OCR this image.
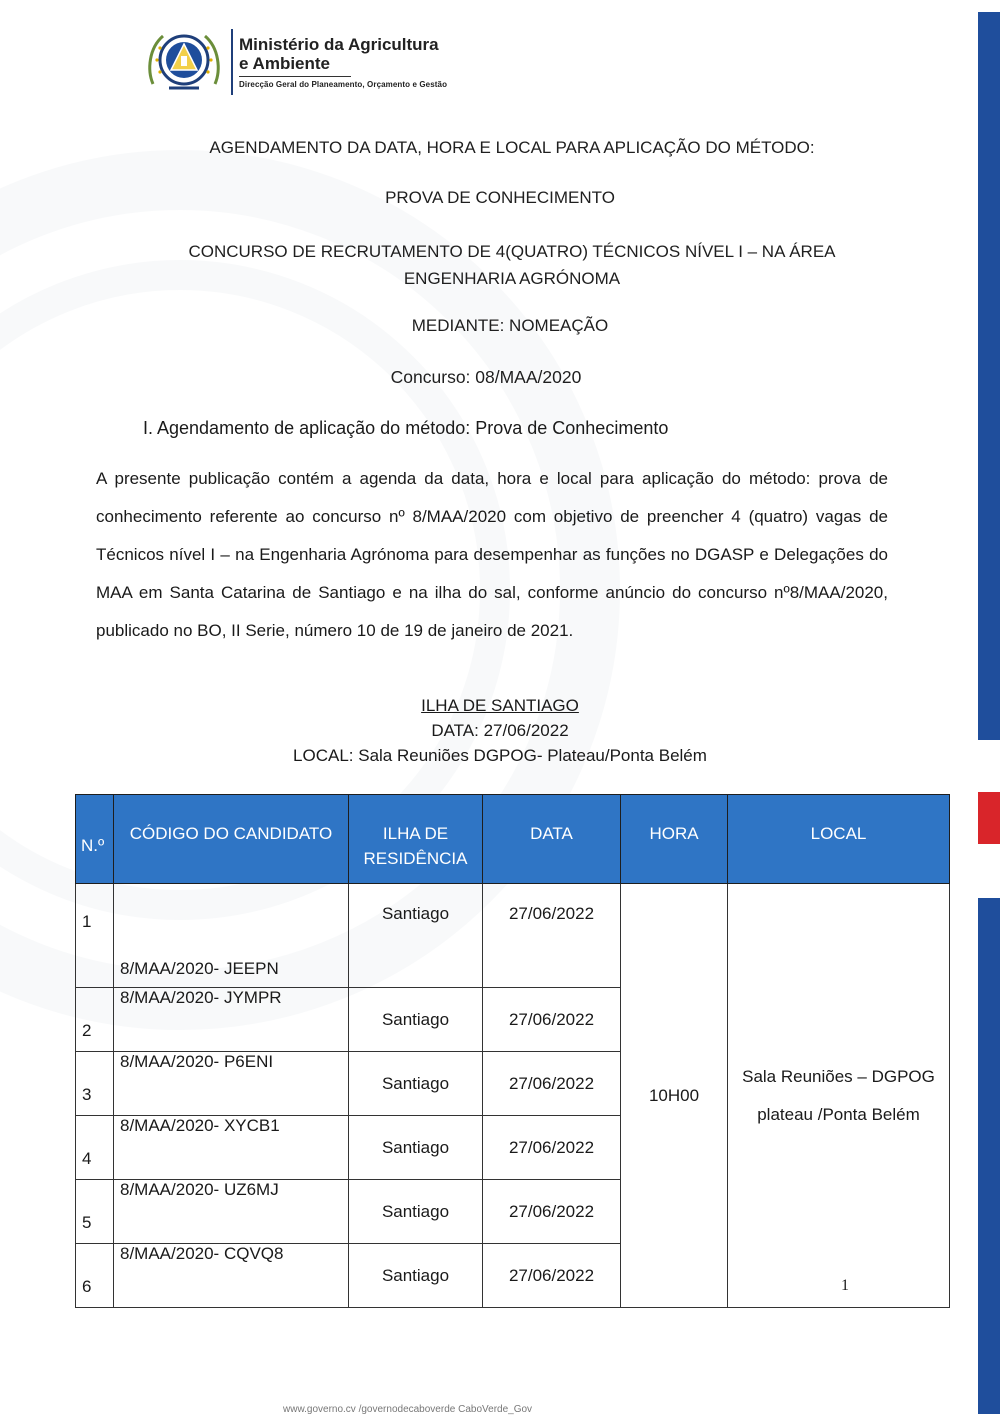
Ministério da Agricultura
e Ambiente
Direcção Geral do Planeamento, Orçamento e Gestão

AGENDAMENTO DA DATA, HORA E LOCAL PARA APLICAÇÃO DO MÉTODO:

PROVA DE CONHECIMENTO

CONCURSO DE RECRUTAMENTO DE 4(QUATRO) TÉCNICOS NÍVEL I – NA ÁREA
ENGENHARIA AGRÓNOMA

MEDIANTE: NOMEAÇÃO

Concurso: 08/MAA/2020

I. Agendamento de aplicação do método: Prova de Conhecimento

A presente publicação contém a agenda da data, hora e local para aplicação do método: prova de conhecimento referente ao concurso nº 8/MAA/2020 com objetivo de preencher 4 (quatro) vagas de Técnicos nível I – na Engenharia Agrónoma para desempenhar as funções no DGASP e Delegações do MAA em Santa Catarina de Santiago e na ilha do sal, conforme anúncio do concurso nº8/MAA/2020, publicado no BO, II Serie, número 10 de 19 de janeiro de 2021.

ILHA DE SANTIAGO
DATA: 27/06/2022
LOCAL: Sala Reuniões DGPOG- Plateau/Ponta Belém
N.º	CÓDIGO DO CANDIDATO	ILHA DE
RESIDÊNCIA	DATA	HORA	LOCAL
1	8/MAA/2020- JEEPN	Santiago	27/06/2022	10H00	Sala Reuniões – DGPOG
plateau /Ponta Belém
2	8/MAA/2020- JYMPR	Santiago	27/06/2022		
3	8/MAA/2020- P6ENI	Santiago	27/06/2022		
4	8/MAA/2020- XYCB1	Santiago	27/06/2022		
5	8/MAA/2020- UZ6MJ	Santiago	27/06/2022		
6	8/MAA/2020- CQVQ8	Santiago	27/06/2022		
1
www.governo.cv /governodecaboverde CaboVerde_Gov
